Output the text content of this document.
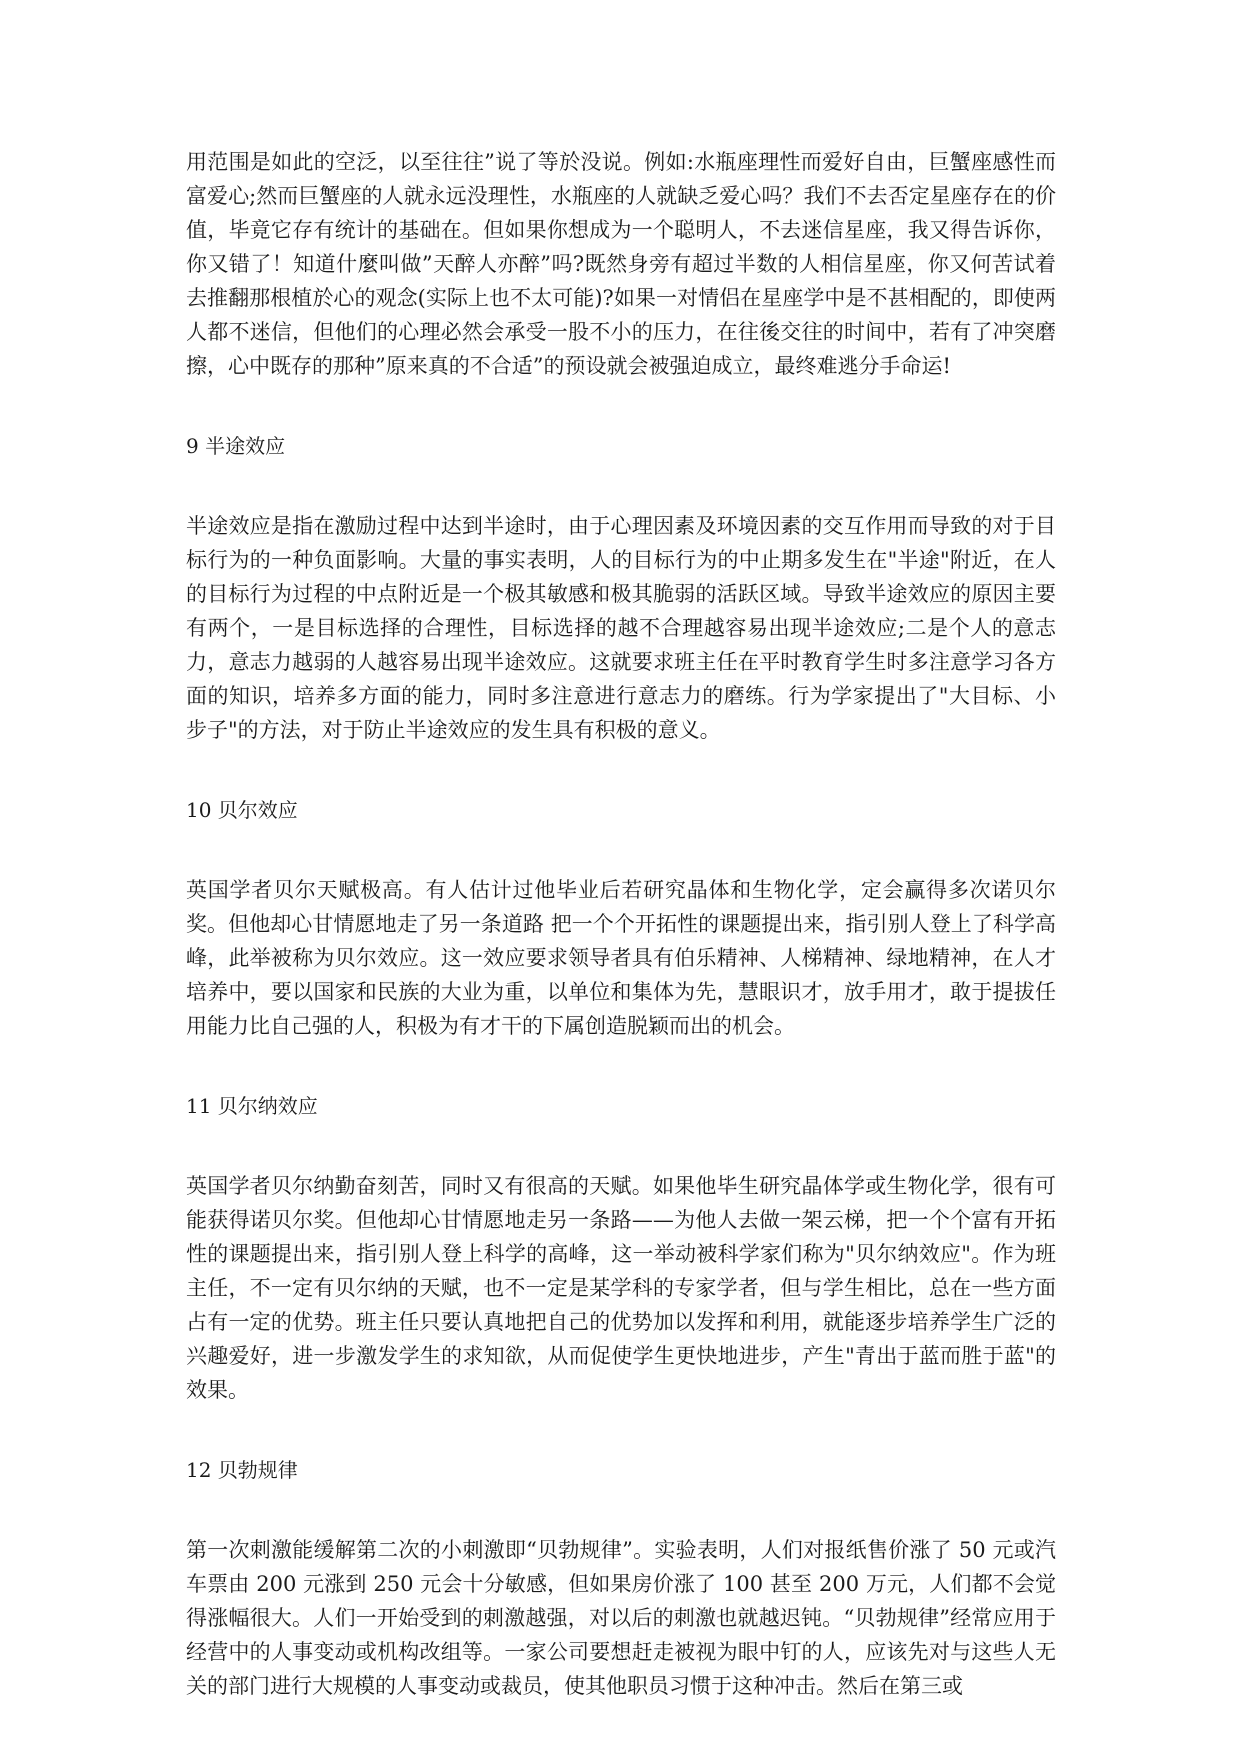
用范围是如此的空泛，以至往往”说了等於没说。例如:水瓶座理性而爱好自由，巨蟹座感性而富爱心;然而巨蟹座的人就永远没理性，水瓶座的人就缺乏爱心吗？我们不去否定星座存在的价值，毕竟它存有统计的基础在。但如果你想成为一个聪明人，不去迷信星座，我又得告诉你，你又错了！知道什麼叫做”天醉人亦醉”吗?既然身旁有超过半数的人相信星座，你又何苦试着去推翻那根植於心的观念(实际上也不太可能)?如果一对情侣在星座学中是不甚相配的，即使两人都不迷信，但他们的心理必然会承受一股不小的压力，在往後交往的时间中，若有了冲突磨擦，心中既存的那种”原来真的不合适”的预设就会被强迫成立，最终难逃分手命运!

9 半途效应

半途效应是指在激励过程中达到半途时，由于心理因素及环境因素的交互作用而导致的对于目标行为的一种负面影响。大量的事实表明，人的目标行为的中止期多发生在"半途"附近，在人的目标行为过程的中点附近是一个极其敏感和极其脆弱的活跃区域。导致半途效应的原因主要有两个，一是目标选择的合理性，目标选择的越不合理越容易出现半途效应;二是个人的意志力，意志力越弱的人越容易出现半途效应。这就要求班主任在平时教育学生时多注意学习各方面的知识，培养多方面的能力，同时多注意进行意志力的磨练。行为学家提出了"大目标、小步子"的方法，对于防止半途效应的发生具有积极的意义。

10 贝尔效应

英国学者贝尔天赋极高。有人估计过他毕业后若研究晶体和生物化学，定会赢得多次诺贝尔奖。但他却心甘情愿地走了另一条道路 把一个个开拓性的课题提出来，指引别人登上了科学高峰，此举被称为贝尔效应。这一效应要求领导者具有伯乐精神、人梯精神、绿地精神，在人才培养中，要以国家和民族的大业为重，以单位和集体为先，慧眼识才，放手用才，敢于提拔任用能力比自己强的人，积极为有才干的下属创造脱颖而出的机会。

11 贝尔纳效应

英国学者贝尔纳勤奋刻苦，同时又有很高的天赋。如果他毕生研究晶体学或生物化学，很有可能获得诺贝尔奖。但他却心甘情愿地走另一条路——为他人去做一架云梯，把一个个富有开拓性的课题提出来，指引别人登上科学的高峰，这一举动被科学家们称为"贝尔纳效应"。作为班主任，不一定有贝尔纳的天赋，也不一定是某学科的专家学者，但与学生相比，总在一些方面占有一定的优势。班主任只要认真地把自己的优势加以发挥和利用，就能逐步培养学生广泛的兴趣爱好，进一步激发学生的求知欲，从而促使学生更快地进步，产生"青出于蓝而胜于蓝"的效果。

12 贝勃规律

第一次刺激能缓解第二次的小刺激即“贝勃规律”。实验表明，人们对报纸售价涨了 50 元或汽车票由 200 元涨到 250 元会十分敏感，但如果房价涨了 100 甚至 200 万元，人们都不会觉得涨幅很大。人们一开始受到的刺激越强，对以后的刺激也就越迟钝。“贝勃规律”经常应用于经营中的人事变动或机构改组等。一家公司要想赶走被视为眼中钉的人，应该先对与这些人无关的部门进行大规模的人事变动或裁员，使其他职员习惯于这种冲击。然后在第三或
